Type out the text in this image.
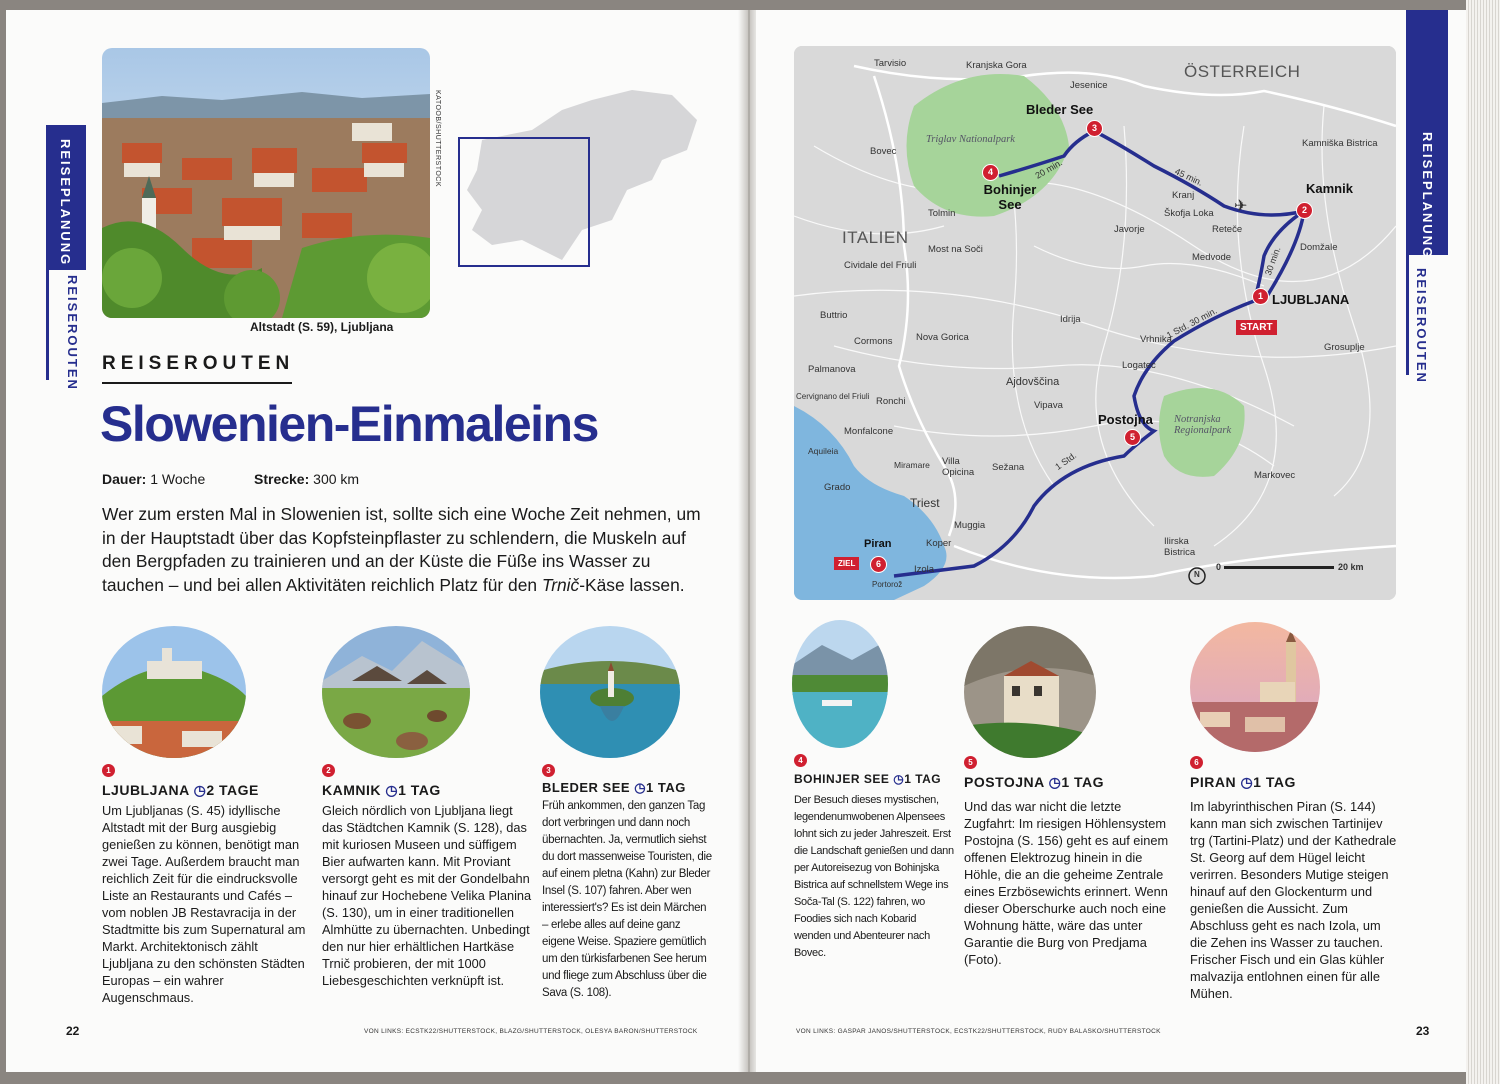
REISEPLANUNG
REISEROUTEN
KATOOB/SHUTTERSTOCK
Altstadt (S. 59), Ljubljana
REISEROUTEN
Slowenien-Einmaleins
Dauer: 1 Woche	Strecke: 300 km
Wer zum ersten Mal in Slowenien ist, sollte sich eine Woche Zeit nehmen, um in der Hauptstadt über das Kopfsteinpflaster zu schlendern, die Muskeln auf den Bergpfaden zu trainieren und an der Küste die Füße ins Wasser zu tauchen – und bei allen Aktivitäten reichlich Platz für den Trnič-Käse lassen.
1
LJUBLJANA ◷2 TAGE
Um Ljubljanas (S. 45) idyllische Altstadt mit der Burg ausgiebig genießen zu können, benötigt man zwei Tage. Außerdem braucht man reichlich Zeit für die eindrucksvolle Liste an Restaurants und Cafés – vom noblen JB Restavracija in der Stadtmitte bis zum Supernatural am Markt. Architektonisch zählt Ljubljana zu den schönsten Städten Europas – ein wahrer Augenschmaus.
2
KAMNIK ◷1 TAG
Gleich nördlich von Ljubljana liegt das Städtchen Kamnik (S. 128), das mit kuriosen Museen und süffigem Bier aufwarten kann. Mit Proviant versorgt geht es mit der Gondelbahn hinauf zur Hochebene Velika Planina (S. 130), um in einer traditionellen Almhütte zu übernachten. Unbedingt den nur hier erhältlichen Hartkäse Trnič probieren, der mit 1000 Liebesgeschichten verknüpft ist.
3
BLEDER SEE ◷1 TAG
Früh ankommen, den ganzen Tag dort verbringen und dann noch übernachten. Ja, vermutlich siehst du dort massenweise Touristen, die auf einem pletna (Kahn) zur Bleder Insel (S. 107) fahren. Aber wen interessiert's? Es ist dein Märchen – erlebe alles auf deine ganz eigene Weise. Spaziere gemütlich um den türkisfarbenen See herum und fliege zum Abschluss über die Sava (S. 108).
22	VON LINKS: ECSTK22/SHUTTERSTOCK, BLAZG/SHUTTERSTOCK, OLESYA BARON/SHUTTERSTOCK
REISEPLANUNG
REISEROUTEN
✈
ÖSTERREICH
ITALIEN
Triglav Nationalpark
Notranjska Regionalpark
Bleder See
3
4
Bohinjer See
Kamnik
2
1 LJUBLJANA
START
Postojna
5
Piran
6
ZIEL
Tarvisio	Kranjska Gora
Jesenice
Bovec
Kamniška Bistrica
Kranj
Škofja Loka
Javorje	Reteče
Domžale
Medvode
Tolmin
Most na Soči
Cividale del Friuli
Buttrio	Idrija
Nova Gorica
Cormons	Vrhnika
Grosuplje
Palmanova	Logatec
Ajdovščina
Cervignano del Friuli Ronchi	Vipava
Monfalcone
Aquileia
Miramare Villa Opicina	Sežana
Grado
Triest
Markovec
Muggia
Koper	Ilirska Bistrica
Izola
Portorož
20 min.	45 min.
30 min.
1 Std. 30 min.
1 Std.
N
0	20 km
4
BOHINJER SEE ◷1 TAG
Der Besuch dieses mystischen, legendenumwobenen Alpensees lohnt sich zu jeder Jahreszeit. Erst die Landschaft genießen und dann per Autoreisezug von Bohinjska Bistrica auf schnellstem Wege ins Soča-Tal (S. 122) fahren, wo Foodies sich nach Kobarid wenden und Abenteurer nach Bovec.
5
POSTOJNA ◷1 TAG
Und das war nicht die letzte Zugfahrt: Im riesigen Höhlensystem Postojna (S. 156) geht es auf einem offenen Elektrozug hinein in die Höhle, die an die geheime Zentrale eines Erzbösewichts erinnert. Wenn dieser Oberschurke auch noch eine Wohnung hätte, wäre das unter Garantie die Burg von Predjama (Foto).
6
PIRAN ◷1 TAG
Im labyrinthischen Piran (S. 144) kann man sich zwischen Tartinijev trg (Tartini-Platz) und der Kathedrale St. Georg auf dem Hügel leicht verirren. Besonders Mutige steigen hinauf auf den Glockenturm und genießen die Aussicht. Zum Abschluss geht es nach Izola, um die Zehen ins Wasser zu tauchen. Frischer Fisch und ein Glas kühler malvazija entlohnen einen für alle Mühen.
VON LINKS: GASPAR JANOS/SHUTTERSTOCK, ECSTK22/SHUTTERSTOCK, RUDY BALASKO/SHUTTERSTOCK	23
